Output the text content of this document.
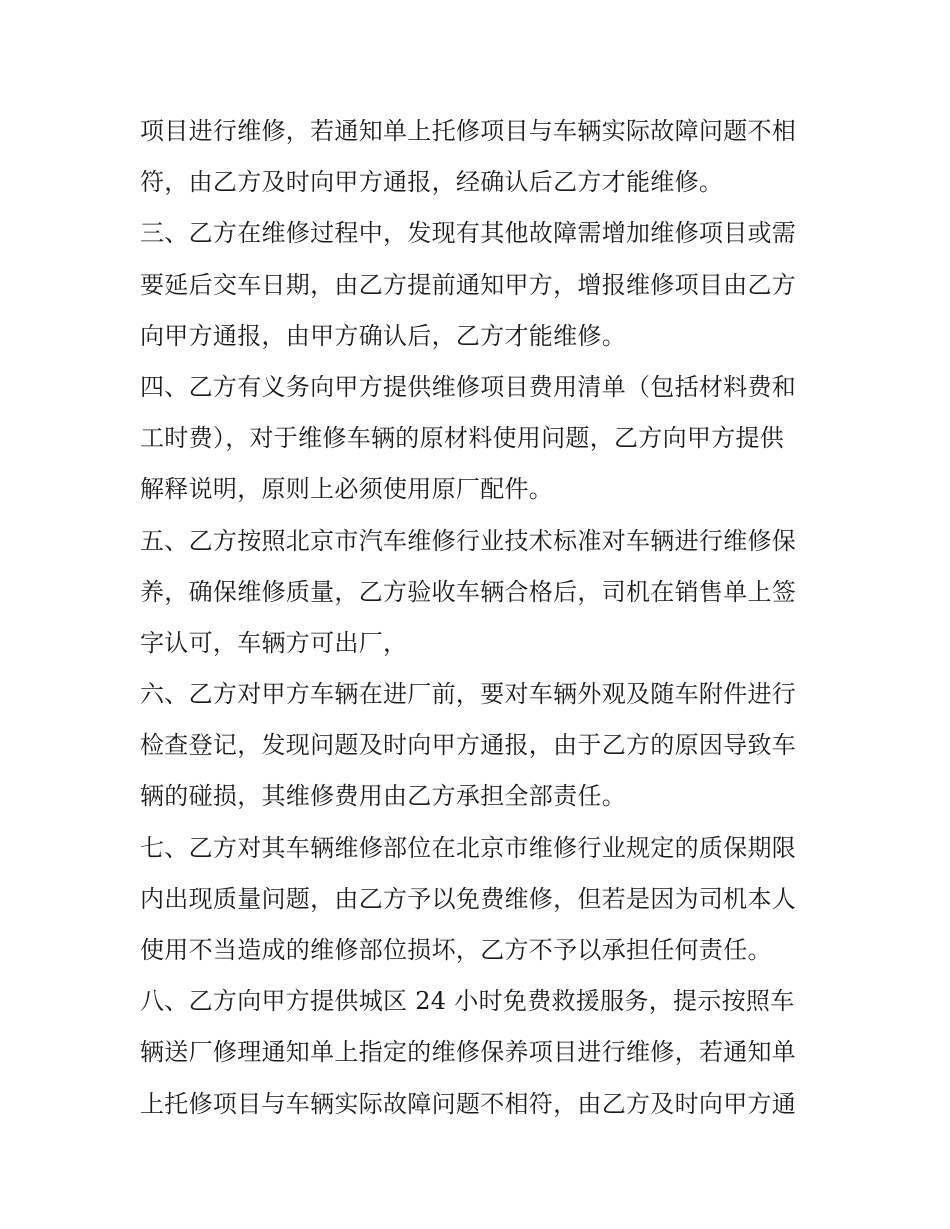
项目进行维修，若通知单上托修项目与车辆实际故障问题不相
符，由乙方及时向甲方通报，经确认后乙方才能维修。
三、乙方在维修过程中，发现有其他故障需增加维修项目或需
要延后交车日期，由乙方提前通知甲方，增报维修项目由乙方
向甲方通报，由甲方确认后，乙方才能维修。
四、乙方有义务向甲方提供维修项目费用清单（包括材料费和
工时费），对于维修车辆的原材料使用问题，乙方向甲方提供
解释说明，原则上必须使用原厂配件。
五、乙方按照北京市汽车维修行业技术标准对车辆进行维修保
养，确保维修质量，乙方验收车辆合格后，司机在销售单上签
字认可，车辆方可出厂，
六、乙方对甲方车辆在进厂前，要对车辆外观及随车附件进行
检查登记，发现问题及时向甲方通报，由于乙方的原因导致车
辆的碰损，其维修费用由乙方承担全部责任。
七、乙方对其车辆维修部位在北京市维修行业规定的质保期限
内出现质量问题，由乙方予以免费维修，但若是因为司机本人
使用不当造成的维修部位损坏，乙方不予以承担任何责任。
八、乙方向甲方提供城区 24 小时免费救援服务，提示按照车
辆送厂修理通知单上指定的维修保养项目进行维修，若通知单
上托修项目与车辆实际故障问题不相符，由乙方及时向甲方通
